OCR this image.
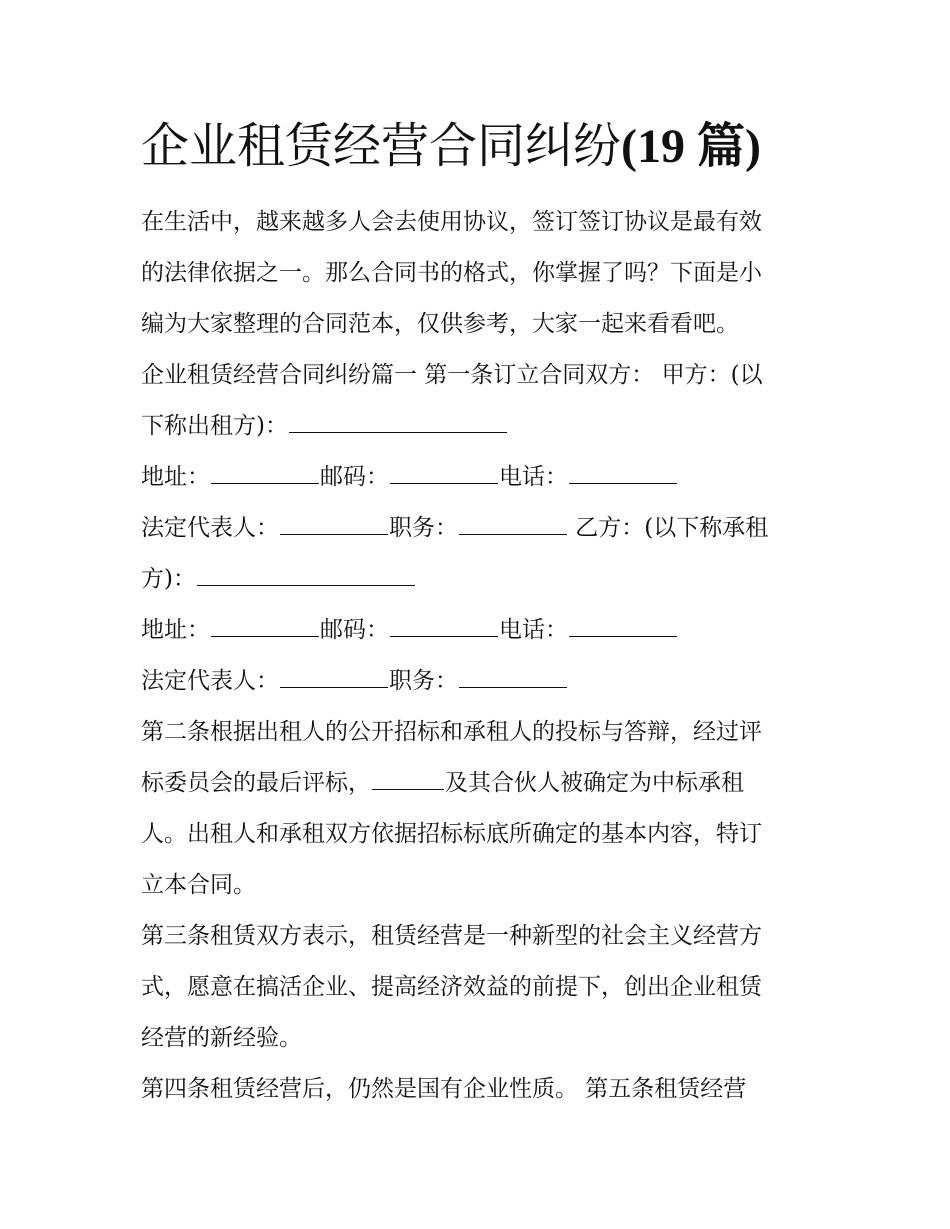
企业租赁经营合同纠纷(19 篇)
在生活中，越来越多人会去使用协议，签订签订协议是最有效
的法律依据之一。那么合同书的格式，你掌握了吗？下面是小
编为大家整理的合同范本，仅供参考，大家一起来看看吧。
企业租赁经营合同纠纷篇一 第一条订立合同双方： 甲方：(以
下称出租方)：
地址：	邮码：	电话：
法定代表人：	职务：	乙方：(以下称承租
方)：
地址：	邮码：	电话：
法定代表人：	职务：
第二条根据出租人的公开招标和承租人的投标与答辩，经过评
标委员会的最后评标，	及其合伙人被确定为中标承租
人。出租人和承租双方依据招标标底所确定的基本内容，特订
立本合同。
第三条租赁双方表示，租赁经营是一种新型的社会主义经营方
式，愿意在搞活企业、提高经济效益的前提下，创出企业租赁
经营的新经验。
第四条租赁经营后，仍然是国有企业性质。 第五条租赁经营
